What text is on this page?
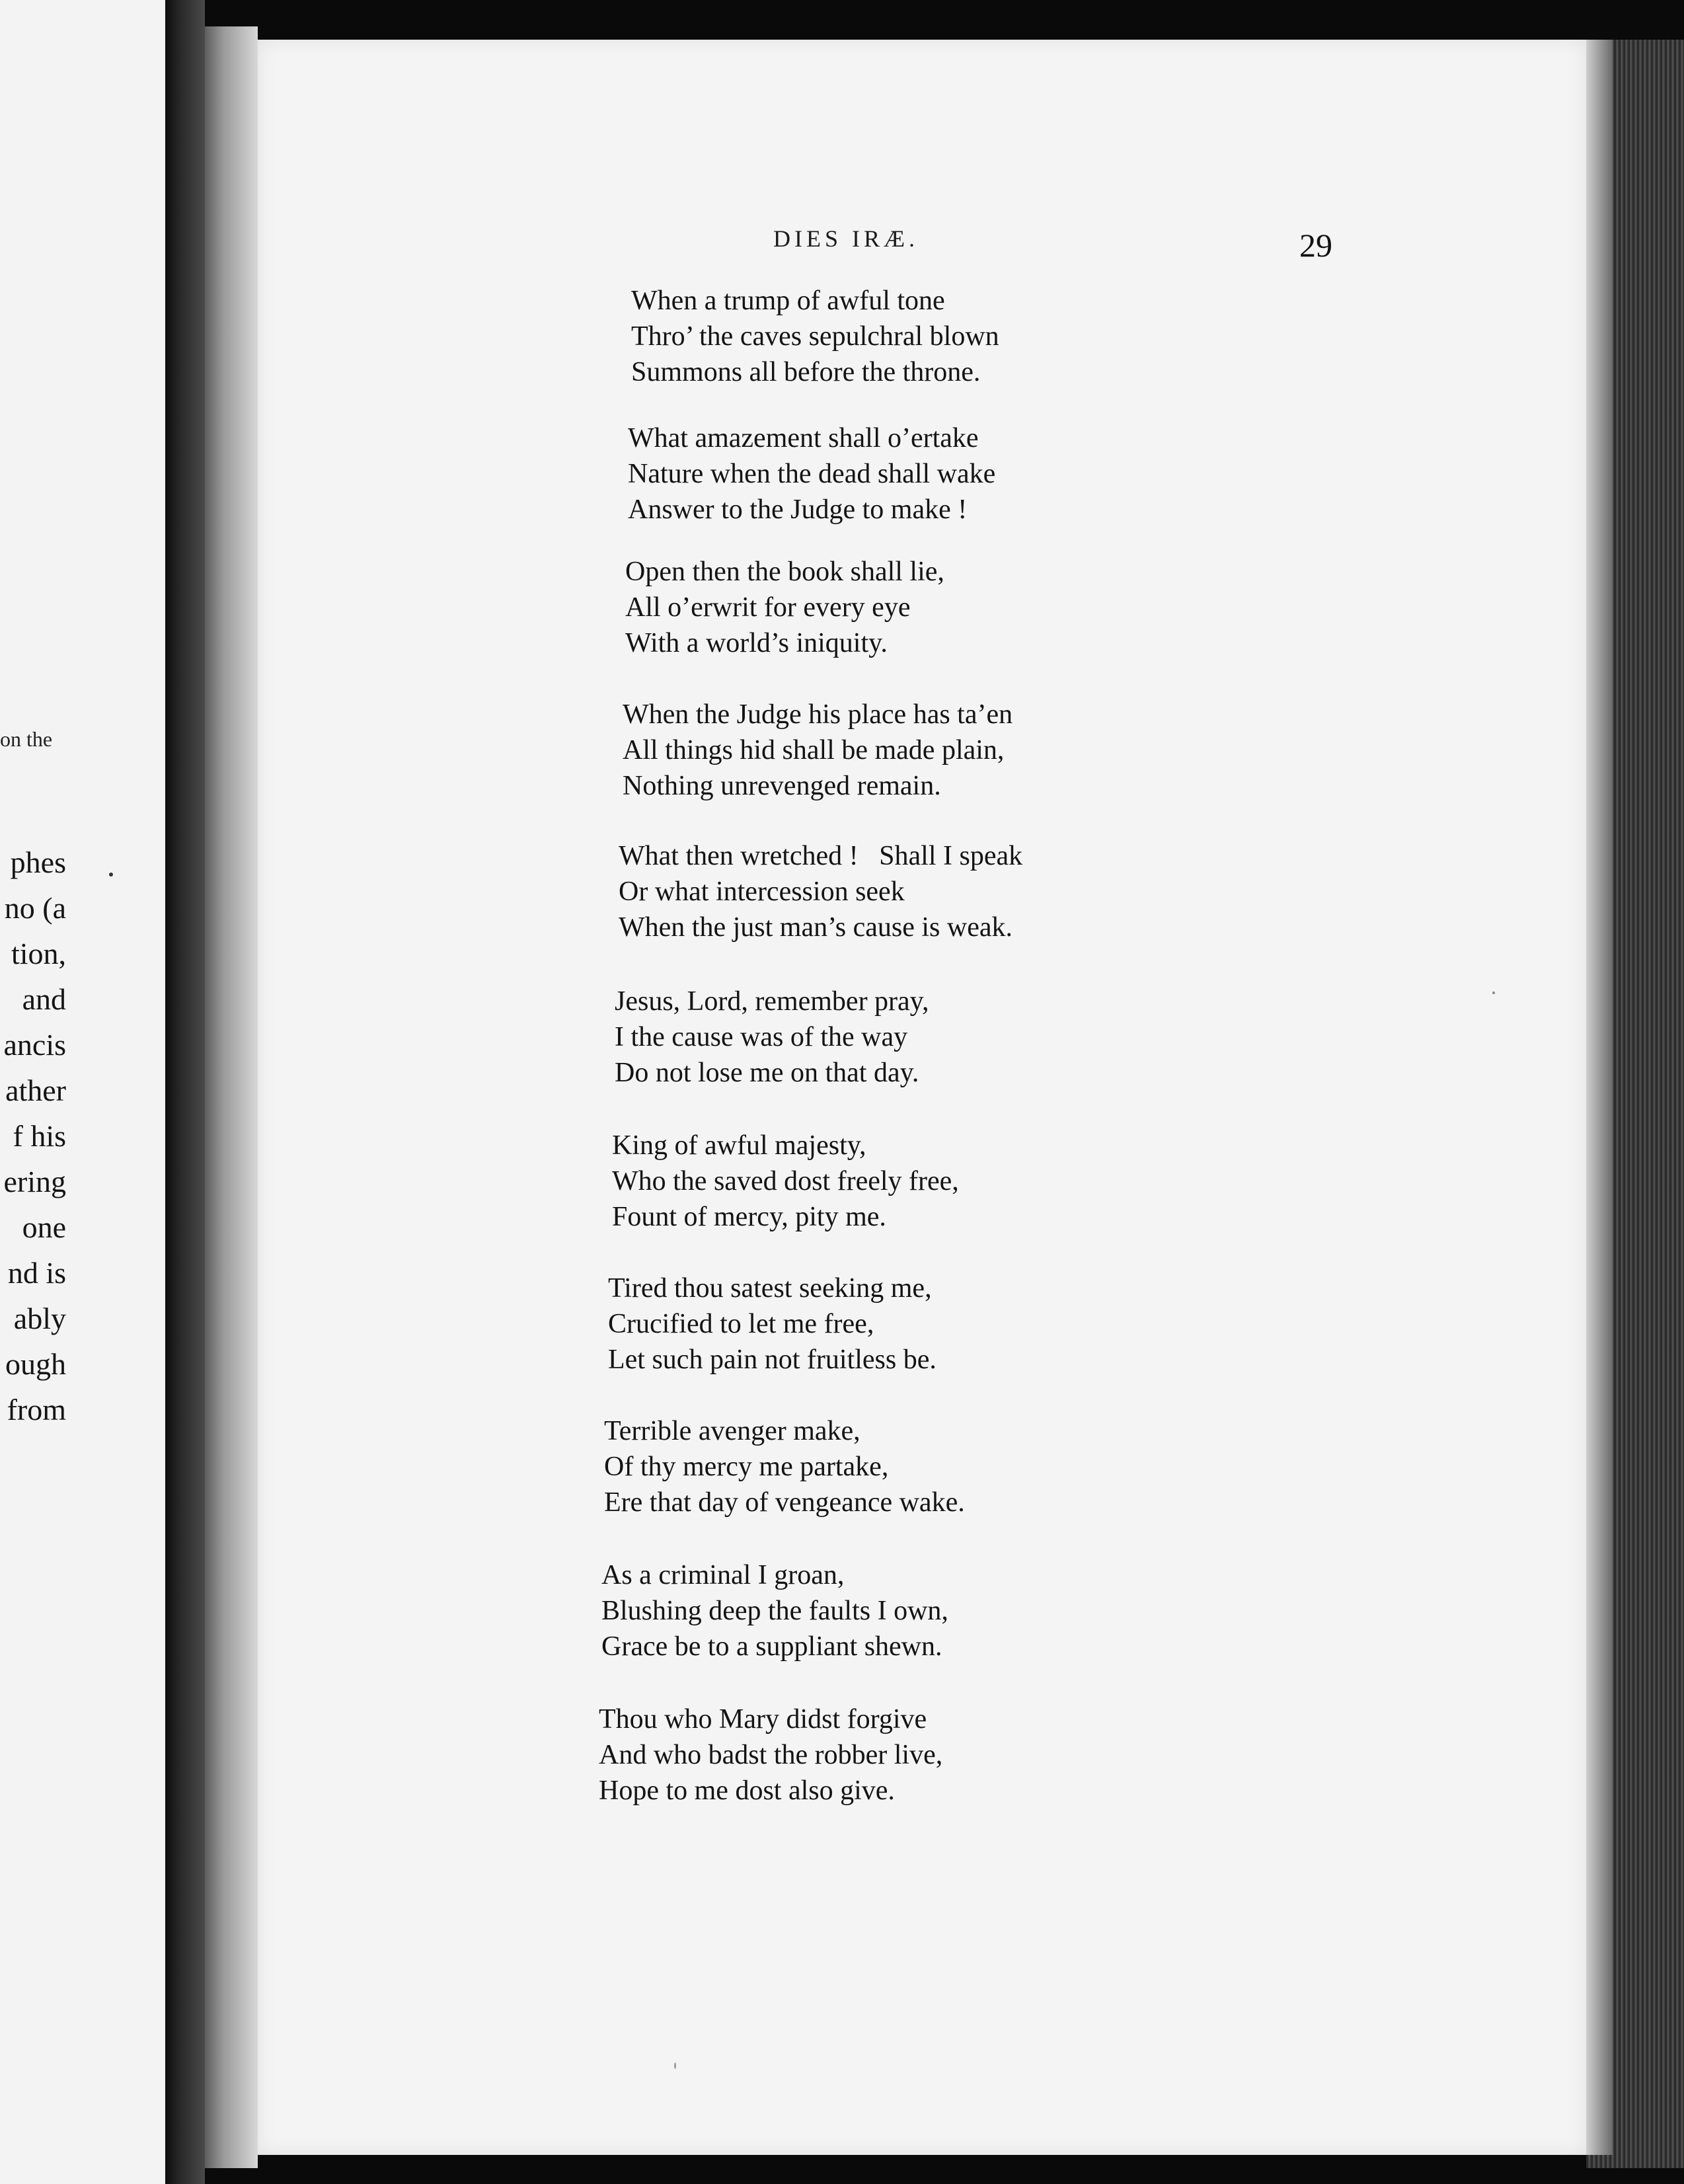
on the
phes
no (a
tion,
and
ancis
ather
f his
ering
one
nd is
ably
ough
from
DIES IRÆ.	29
When a trump of awful tone
Thro’ the caves sepulchral blown
Summons all before the throne.
What amazement shall o’ertake
Nature when the dead shall wake
Answer to the Judge to make !
Open then the book shall lie,
All o’erwrit for every eye
With a world’s iniquity.
When the Judge his place has ta’en
All things hid shall be made plain,
Nothing unrevenged remain.
What then wretched !   Shall I speak
Or what intercession seek
When the just man’s cause is weak.
Jesus, Lord, remember pray,
I the cause was of the way
Do not lose me on that day.
King of awful majesty,
Who the saved dost freely free,
Fount of mercy, pity me.
Tired thou satest seeking me,
Crucified to let me free,
Let such pain not fruitless be.
Terrible avenger make,
Of thy mercy me partake,
Ere that day of vengeance wake.
As a criminal I groan,
Blushing deep the faults I own,
Grace be to a suppliant shewn.
Thou who Mary didst forgive
And who badst the robber live,
Hope to me dost also give.
